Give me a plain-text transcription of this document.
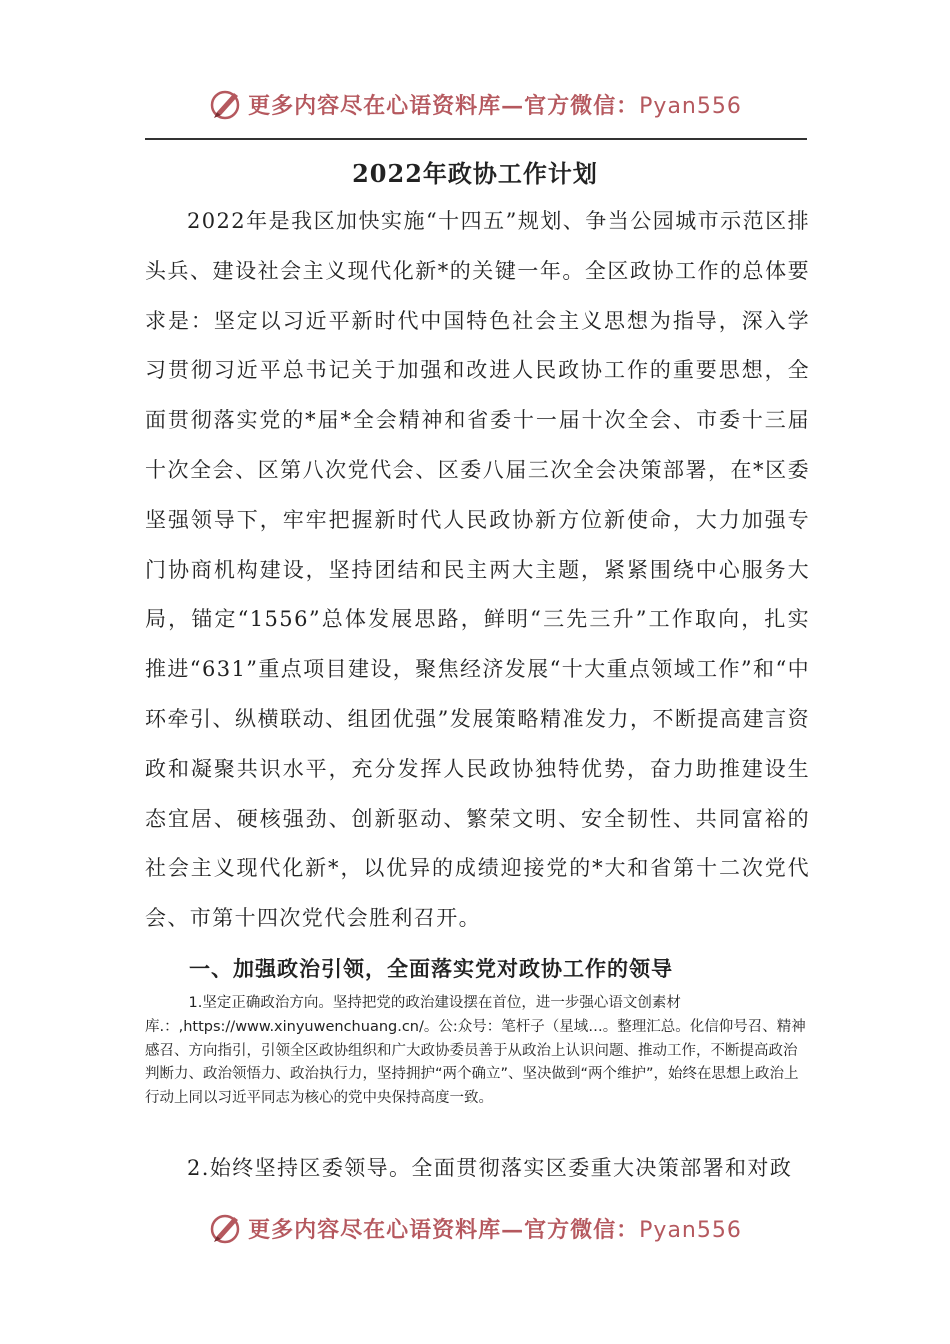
更多内容尽在心语资料库—官方微信：Pyan556
2022年政协工作计划

2022年是我区加快实施“十四五”规划、争当公园城市示范区排头兵、建设社会主义现代化新*的关键一年。全区政协工作的总体要求是：坚定以习近平新时代中国特色社会主义思想为指导，深入学习贯彻习近平总书记关于加强和改进人民政协工作的重要思想，全面贯彻落实党的*届*全会精神和省委十一届十次全会、市委十三届十次全会、区第八次党代会、区委八届三次全会决策部署，在*区委坚强领导下，牢牢把握新时代人民政协新方位新使命，大力加强专门协商机构建设，坚持团结和民主两大主题，紧紧围绕中心服务大局，锚定“1556”总体发展思路，鲜明“三先三升”工作取向，扎实推进“631”重点项目建设，聚焦经济发展“十大重点领域工作”和“中环牵引、纵横联动、组团优强”发展策略精准发力，不断提高建言资政和凝聚共识水平，充分发挥人民政协独特优势，奋力助推建设生态宜居、硬核强劲、创新驱动、繁荣文明、安全韧性、共同富裕的社会主义现代化新*，以优异的成绩迎接党的*大和省第十二次党代会、市第十四次党代会胜利召开。

一、加强政治引领，全面落实党对政协工作的领导

1.坚定正确政治方向。坚持把党的政治建设摆在首位，进一步强心语文创素材库.：,https://www.xinyuwenchuang.cn/。公:众号：笔杆子（星域…。整理汇总。化信仰号召、精神感召、方向指引，引领全区政协组织和广大政协委员善于从政治上认识问题、推动工作，不断提高政治判断力、政治领悟力、政治执行力，坚持拥护“两个确立”、坚决做到“两个维护”，始终在思想上政治上行动上同以习近平同志为核心的党中央保持高度一致。

2.始终坚持区委领导。全面贯彻落实区委重大决策部署和对政

更多内容尽在心语资料库—官方微信：Pyan556
